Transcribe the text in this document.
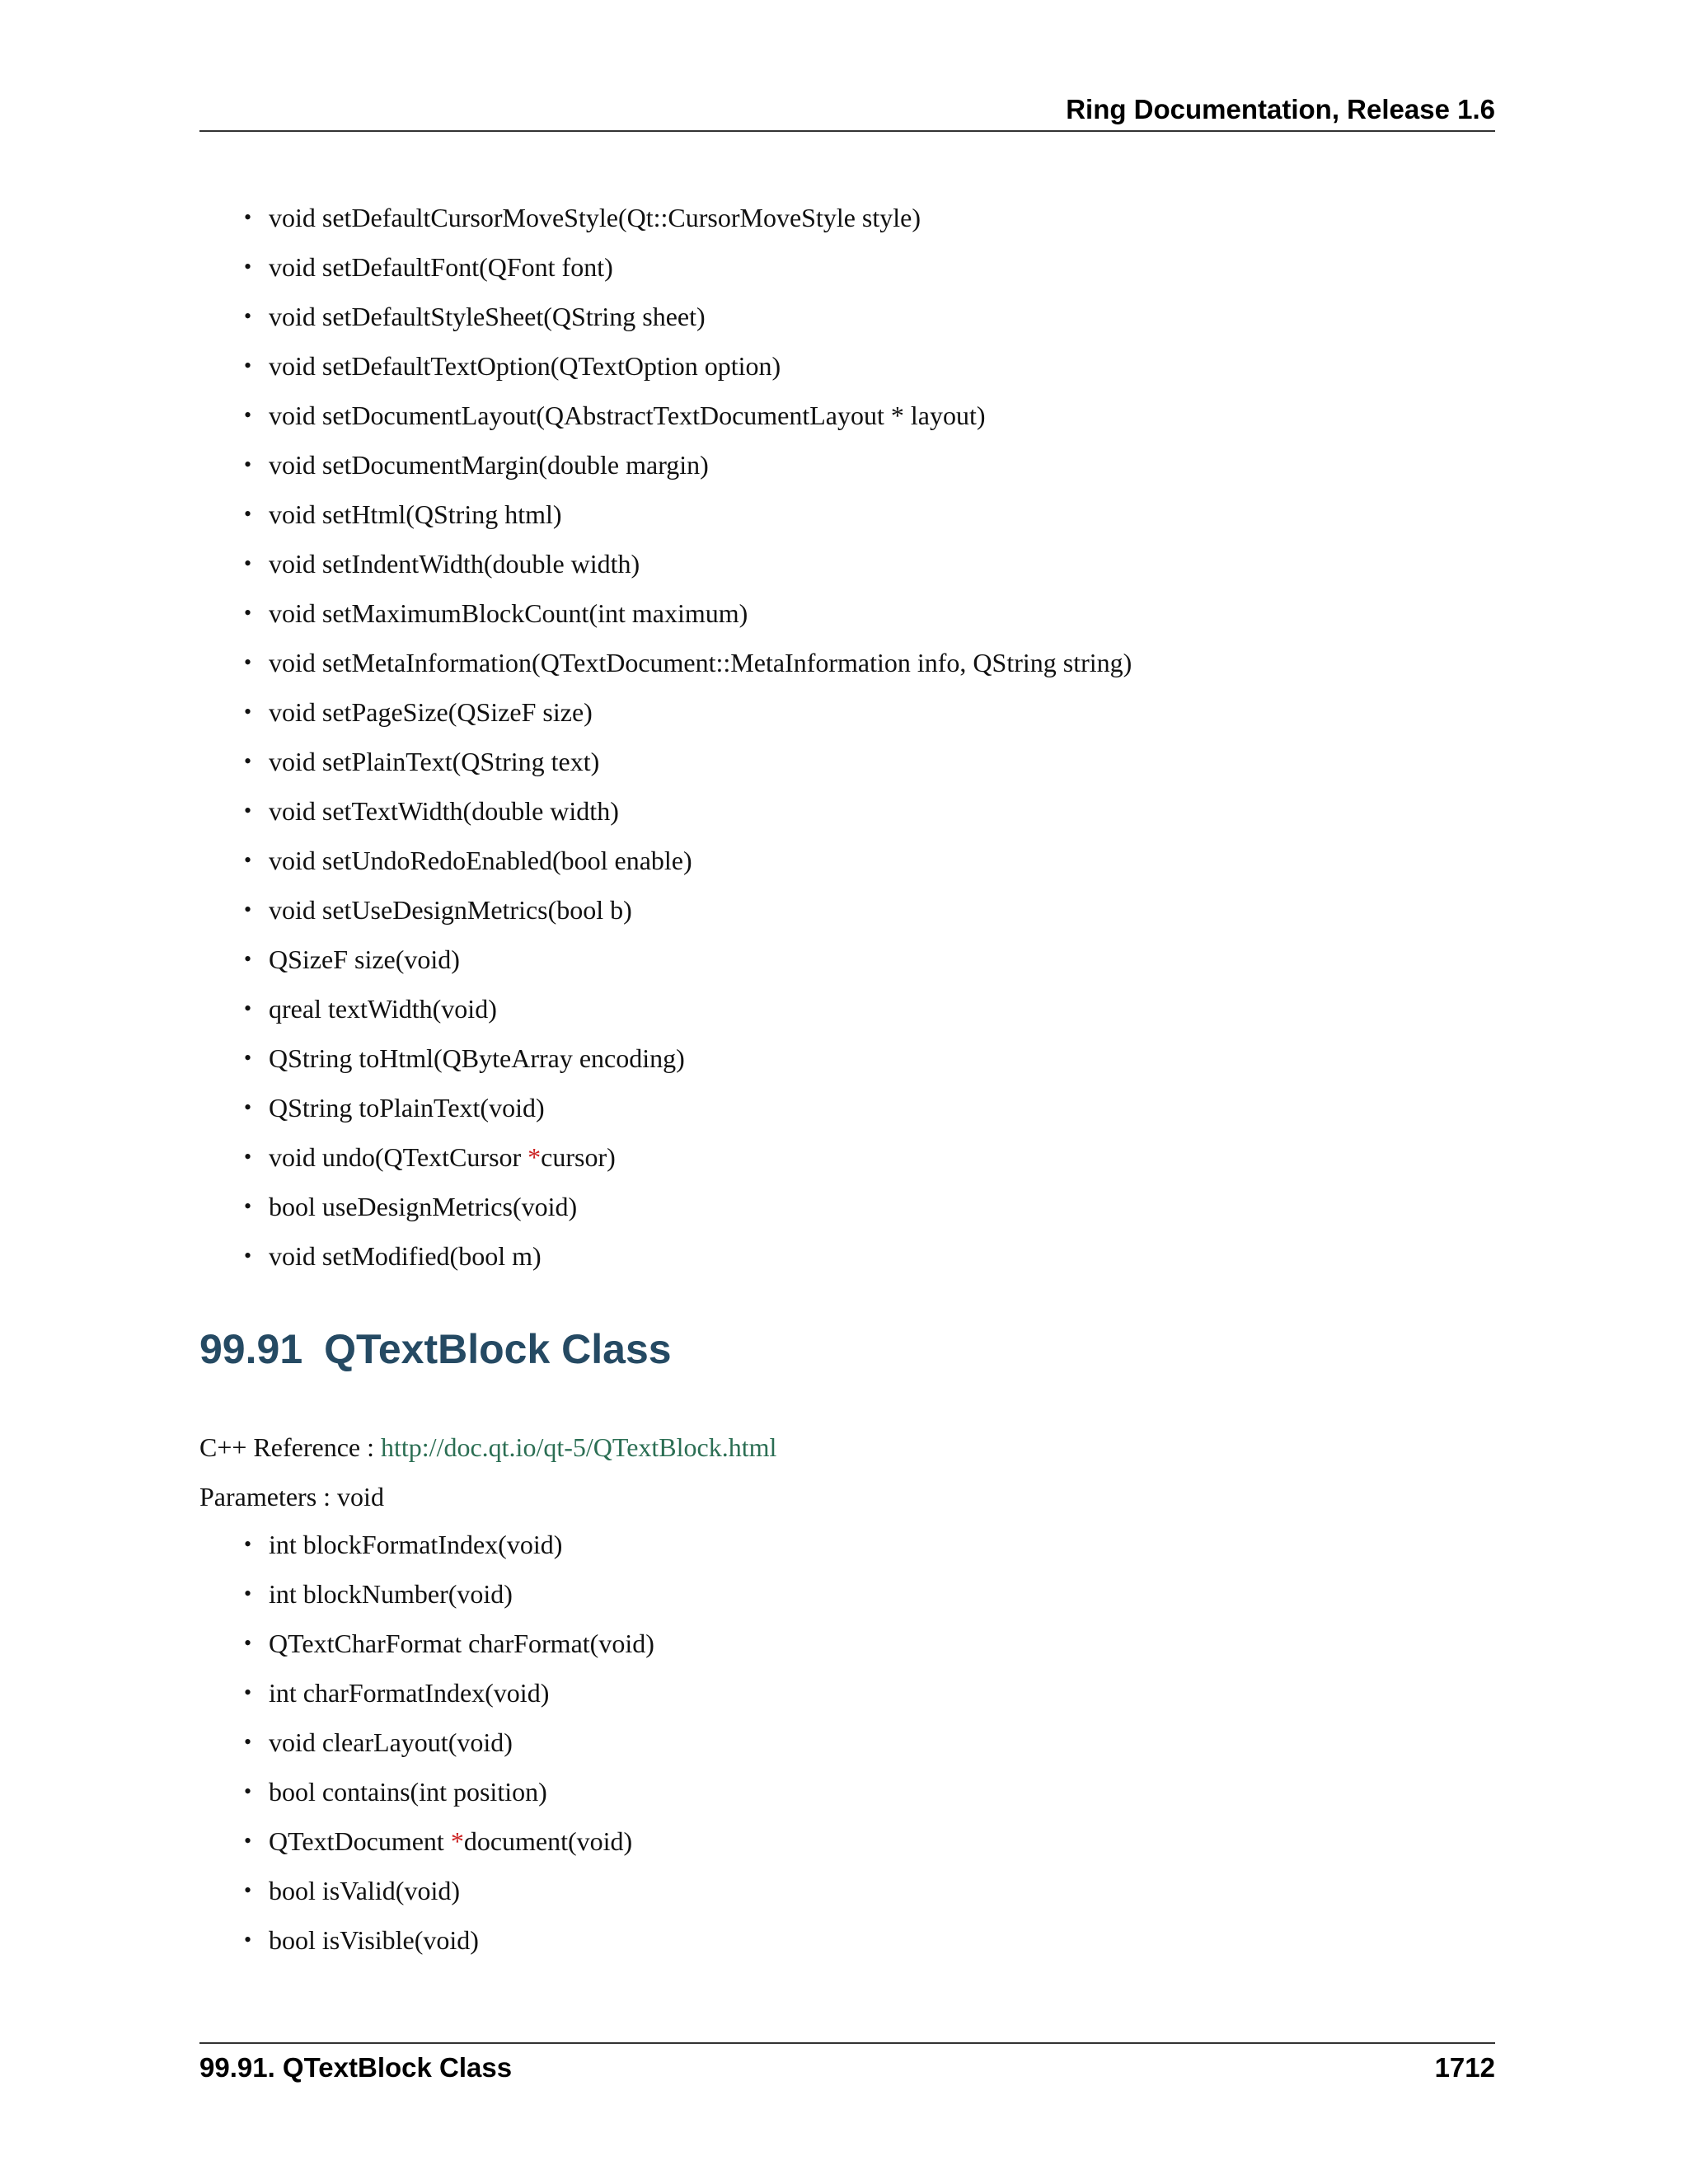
Ring Documentation, Release 1.6
• void setDefaultCursorMoveStyle(Qt::CursorMoveStyle style)
• void setDefaultFont(QFont font)
• void setDefaultStyleSheet(QString sheet)
• void setDefaultTextOption(QTextOption option)
• void setDocumentLayout(QAbstractTextDocumentLayout * layout)
• void setDocumentMargin(double margin)
• void setHtml(QString html)
• void setIndentWidth(double width)
• void setMaximumBlockCount(int maximum)
• void setMetaInformation(QTextDocument::MetaInformation info, QString string)
• void setPageSize(QSizeF size)
• void setPlainText(QString text)
• void setTextWidth(double width)
• void setUndoRedoEnabled(bool enable)
• void setUseDesignMetrics(bool b)
• QSizeF size(void)
• qreal textWidth(void)
• QString toHtml(QByteArray encoding)
• QString toPlainText(void)
• void undo(QTextCursor *cursor)
• bool useDesignMetrics(void)
• void setModified(bool m)
99.91 QTextBlock Class
C++ Reference : http://doc.qt.io/qt-5/QTextBlock.html
Parameters : void
• int blockFormatIndex(void)
• int blockNumber(void)
• QTextCharFormat charFormat(void)
• int charFormatIndex(void)
• void clearLayout(void)
• bool contains(int position)
• QTextDocument *document(void)
• bool isValid(void)
• bool isVisible(void)
99.91. QTextBlock Class	1712
